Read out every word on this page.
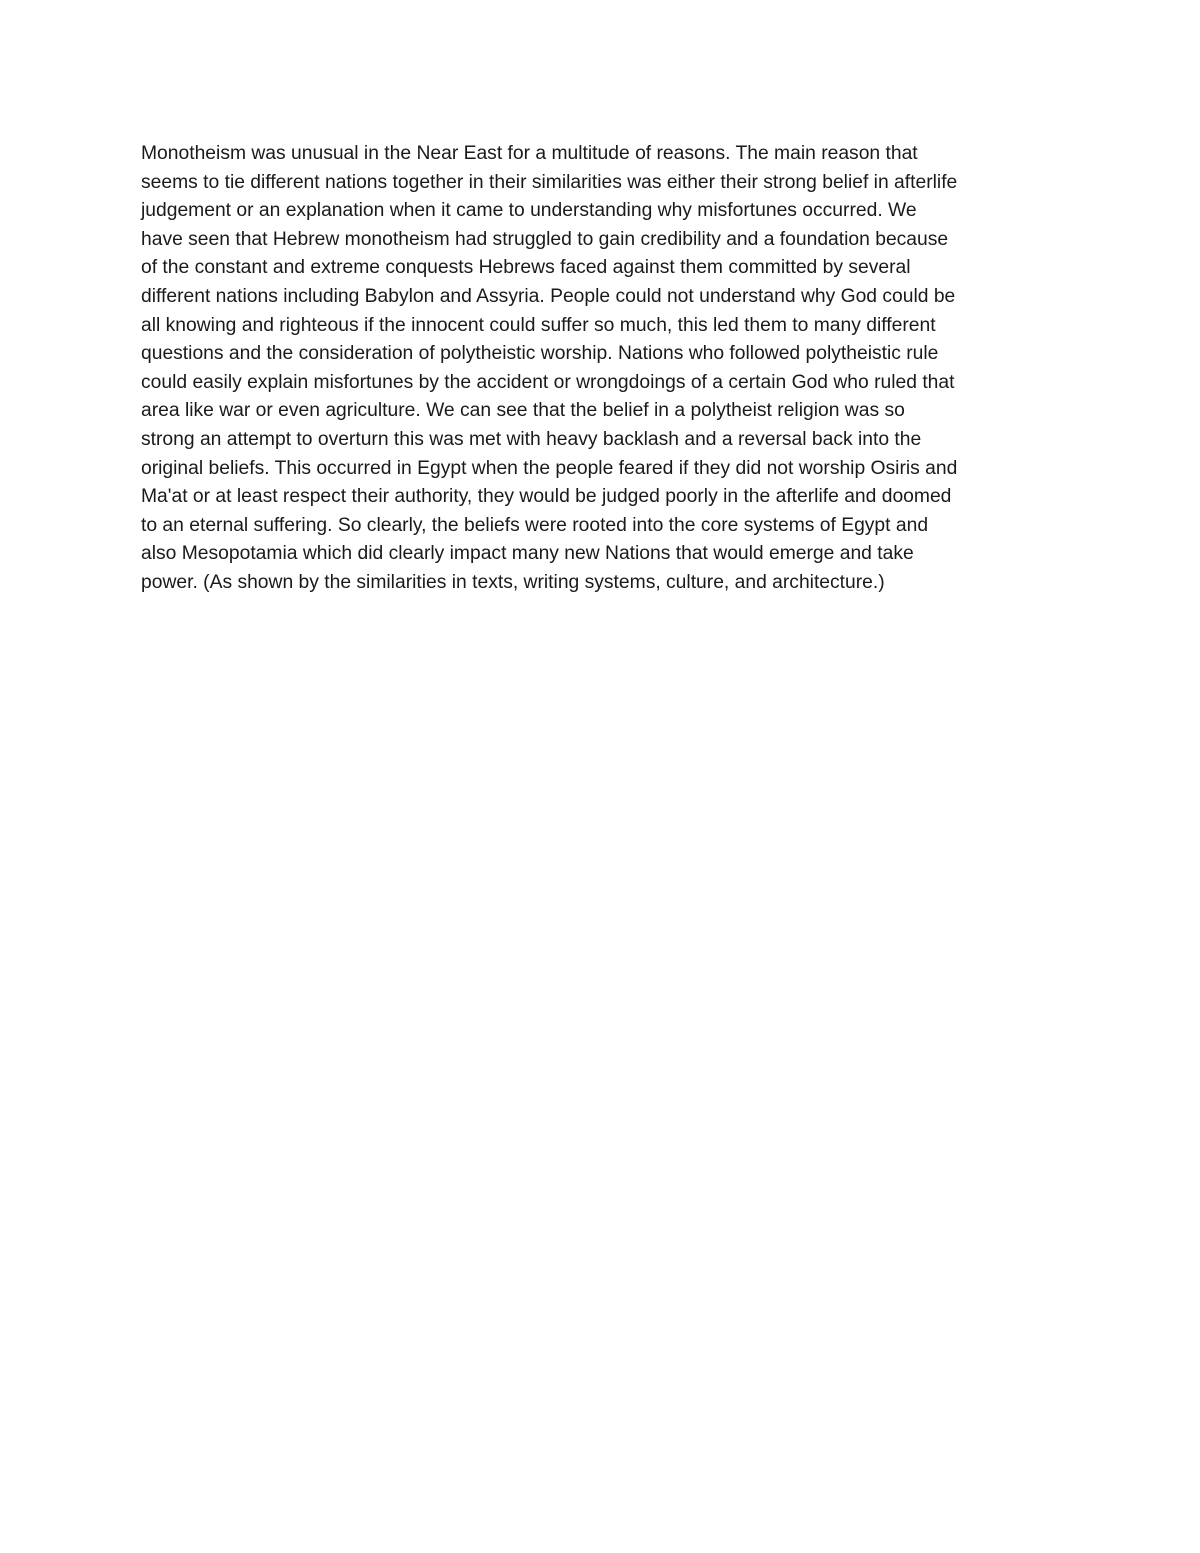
Monotheism was unusual in the Near East for a multitude of reasons. The main reason that
seems to tie different nations together in their similarities was either their strong belief in afterlife
judgement or an explanation when it came to understanding why misfortunes occurred. We
have seen that Hebrew monotheism had struggled to gain credibility and a foundation because
of the constant and extreme conquests Hebrews faced against them committed by several
different nations including Babylon and Assyria. People could not understand why God could be
all knowing and righteous if the innocent could suffer so much, this led them to many different
questions and the consideration of polytheistic worship. Nations who followed polytheistic rule
could easily explain misfortunes by the accident or wrongdoings of a certain God who ruled that
area like war or even agriculture. We can see that the belief in a polytheist religion was so
strong an attempt to overturn this was met with heavy backlash and a reversal back into the
original beliefs. This occurred in Egypt when the people feared if they did not worship Osiris and
Ma'at or at least respect their authority, they would be judged poorly in the afterlife and doomed
to an eternal suffering. So clearly, the beliefs were rooted into the core systems of Egypt and
also Mesopotamia which did clearly impact many new Nations that would emerge and take
power. (As shown by the similarities in texts, writing systems, culture, and architecture.)
